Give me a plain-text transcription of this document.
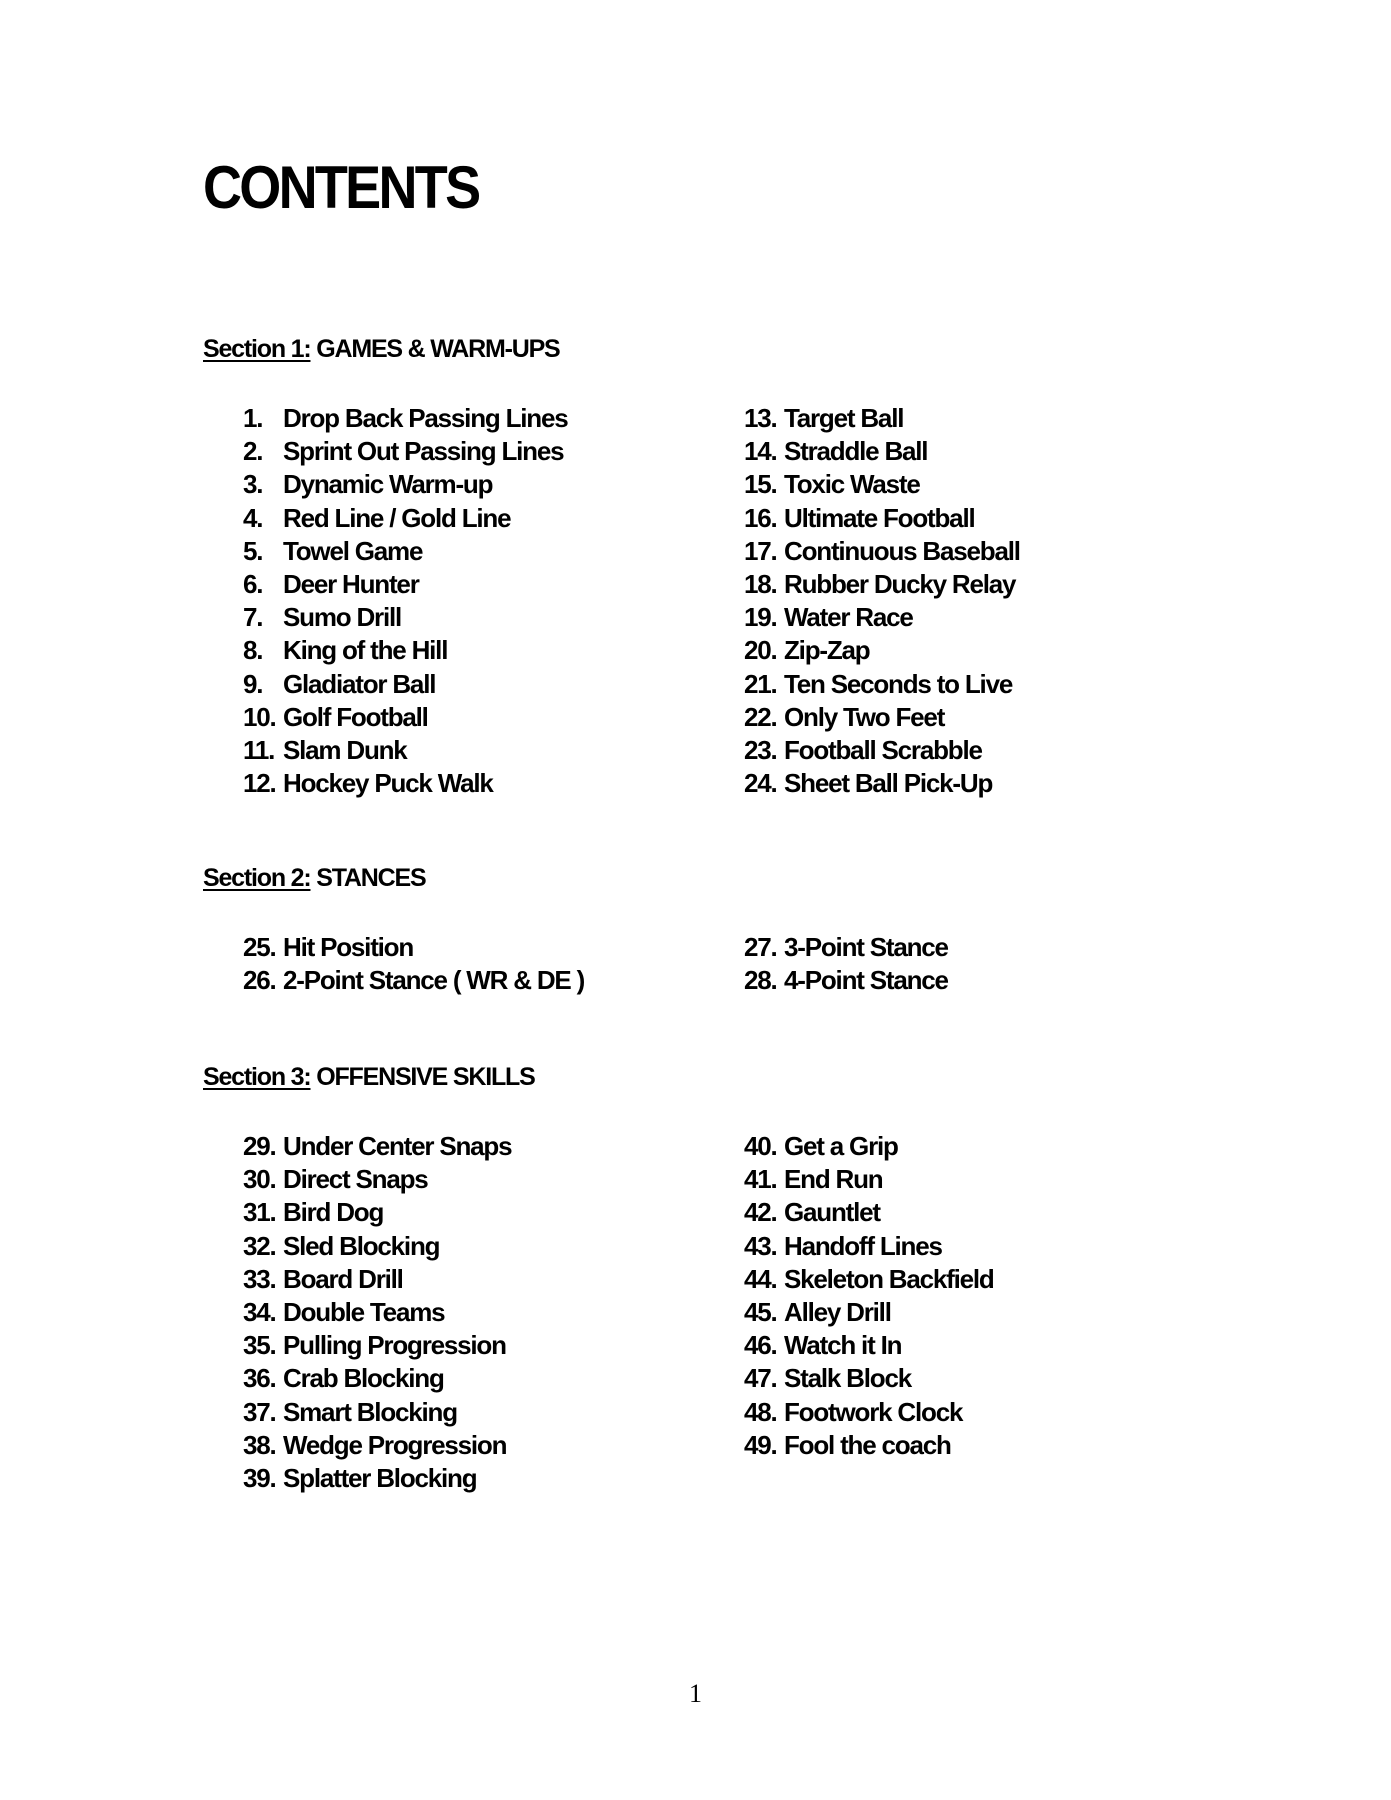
CONTENTS
Section 1: GAMES & WARM-UPS
1. Drop Back Passing Lines
2. Sprint Out Passing Lines
3. Dynamic Warm-up
4. Red Line / Gold Line
5. Towel Game
6. Deer Hunter
7. Sumo Drill
8. King of the Hill
9. Gladiator Ball
10. Golf Football
11. Slam Dunk
12. Hockey Puck Walk
13. Target Ball
14. Straddle Ball
15. Toxic Waste
16. Ultimate Football
17. Continuous Baseball
18. Rubber Ducky Relay
19. Water Race
20. Zip-Zap
21. Ten Seconds to Live
22. Only Two Feet
23. Football Scrabble
24. Sheet Ball Pick-Up
Section 2: STANCES
25. Hit Position
26. 2-Point Stance ( WR & DE )
27. 3-Point Stance
28. 4-Point Stance
Section 3: OFFENSIVE SKILLS
29. Under Center Snaps
30. Direct Snaps
31. Bird Dog
32. Sled Blocking
33. Board Drill
34. Double Teams
35. Pulling Progression
36. Crab Blocking
37. Smart Blocking
38. Wedge Progression
39. Splatter Blocking
40. Get a Grip
41. End Run
42. Gauntlet
43. Handoff Lines
44. Skeleton Backfield
45. Alley Drill
46. Watch it In
47. Stalk Block
48. Footwork Clock
49. Fool the coach
1
